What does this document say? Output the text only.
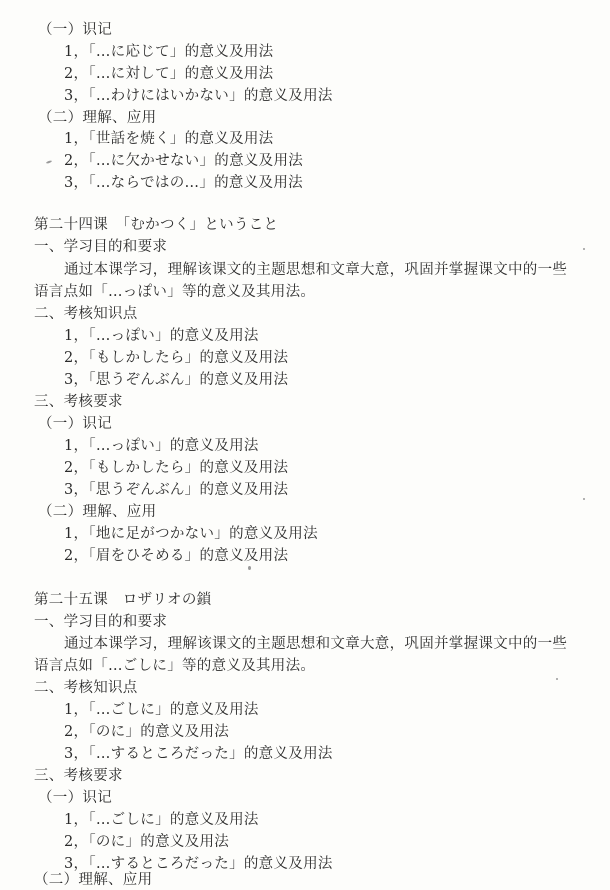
（一）识记
1，「…に応じて」的意义及用法
2，「…に対して」的意义及用法
3，「…わけにはいかない」的意义及用法
（二）理解、应用
1，「世話を焼く」的意义及用法
2，「…に欠かせない」的意义及用法
3，「…ならではの…」的意义及用法
第二十四课　「むかつく」ということ
一、学习目的和要求
通过本课学习，理解该课文的主题思想和文章大意，巩固并掌握课文中的一些
语言点如「…っぽい」等的意义及其用法。
二、考核知识点
1，「…っぽい」的意义及用法
2，「もしかしたら」的意义及用法
3，「思うぞんぶん」的意义及用法
三、考核要求
（一）识记
1，「…っぽい」的意义及用法
2，「もしかしたら」的意义及用法
3，「思うぞんぶん」的意义及用法
（二）理解、应用
1，「地に足がつかない」的意义及用法
2，「眉をひそめる」的意义及用法
第二十五课　ロザリオの鎖
一、学习目的和要求
通过本课学习，理解该课文的主题思想和文章大意，巩固并掌握课文中的一些
语言点如「…ごしに」等的意义及其用法。
二、考核知识点
1，「…ごしに」的意义及用法
2，「のに」的意义及用法
3，「…するところだった」的意义及用法
三、考核要求
（一）识记
1，「…ごしに」的意义及用法
2，「のに」的意义及用法
3，「…するところだった」的意义及用法
（二）理解、应用
